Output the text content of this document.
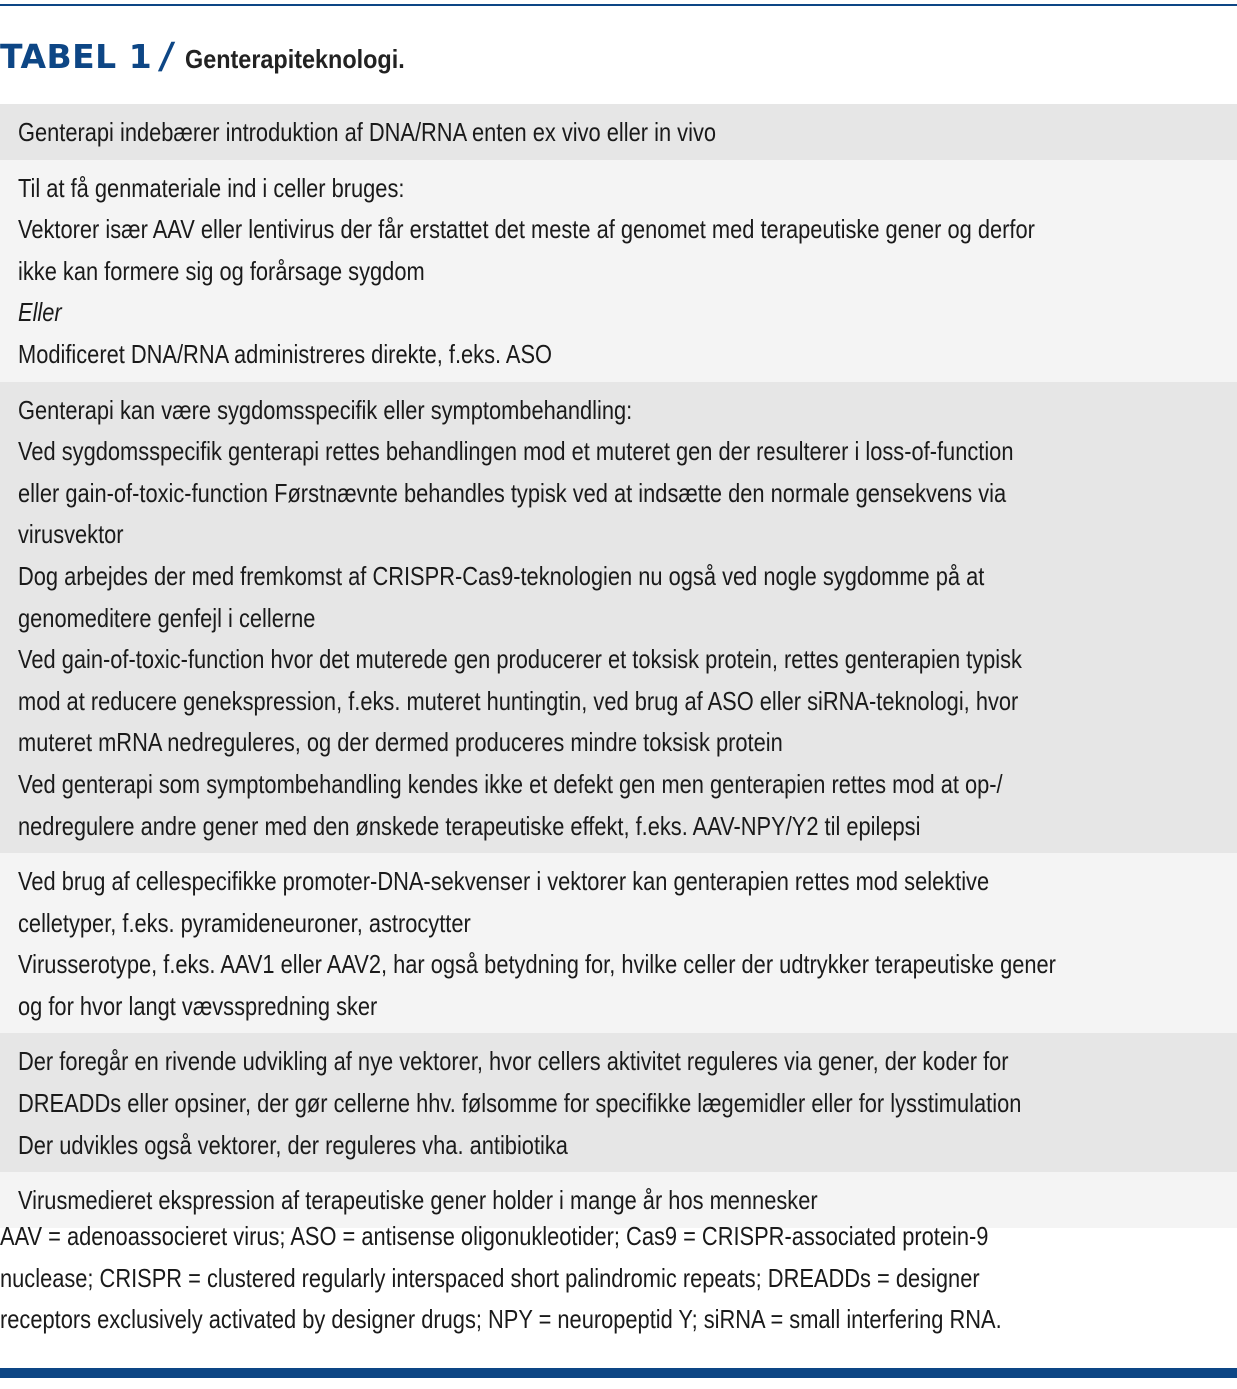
TABEL 1 / Genterapiteknologi.
Genterapi indebærer introduktion af DNA/RNA enten ex vivo eller in vivo
Til at få genmateriale ind i celler bruges:
Vektorer især AAV eller lentivirus der får erstattet det meste af genomet med terapeutiske gener og derfor
ikke kan formere sig og forårsage sygdom
Eller
Modificeret DNA/RNA administreres direkte, f.eks. ASO
Genterapi kan være sygdomsspecifik eller symptombehandling:
Ved sygdomsspecifik genterapi rettes behandlingen mod et muteret gen der resulterer i loss-of-function
eller gain-of-toxic-function Førstnævnte behandles typisk ved at indsætte den normale gensekvens via
virusvektor
Dog arbejdes der med fremkomst af CRISPR-Cas9-teknologien nu også ved nogle sygdomme på at
genomeditere genfejl i cellerne
Ved gain-of-toxic-function hvor det muterede gen producerer et toksisk protein, rettes genterapien typisk
mod at reducere genekspression, f.eks. muteret huntingtin, ved brug af ASO eller siRNA-teknologi, hvor
muteret mRNA nedreguleres, og der dermed produceres mindre toksisk protein
Ved genterapi som symptombehandling kendes ikke et defekt gen men genterapien rettes mod at op-/
nedregulere andre gener med den ønskede terapeutiske effekt, f.eks. AAV-NPY/Y2 til epilepsi
Ved brug af cellespecifikke promoter-DNA-sekvenser i vektorer kan genterapien rettes mod selektive
celletyper, f.eks. pyramideneuroner, astrocytter
Virusserotype, f.eks. AAV1 eller AAV2, har også betydning for, hvilke celler der udtrykker terapeutiske gener
og for hvor langt vævsspredning sker
Der foregår en rivende udvikling af nye vektorer, hvor cellers aktivitet reguleres via gener, der koder for
DREADDs eller opsiner, der gør cellerne hhv. følsomme for specifikke lægemidler eller for lysstimulation
Der udvikles også vektorer, der reguleres vha. antibiotika
Virusmedieret ekspression af terapeutiske gener holder i mange år hos mennesker
AAV = adenoassocieret virus; ASO = antisense oligonukleotider; Cas9 = CRISPR-associated protein-9
nuclease; CRISPR = clustered regularly interspaced short palindromic repeats; DREADDs = designer
receptors exclusively activated by designer drugs; NPY = neuropeptid Y; siRNA = small interfering RNA.
